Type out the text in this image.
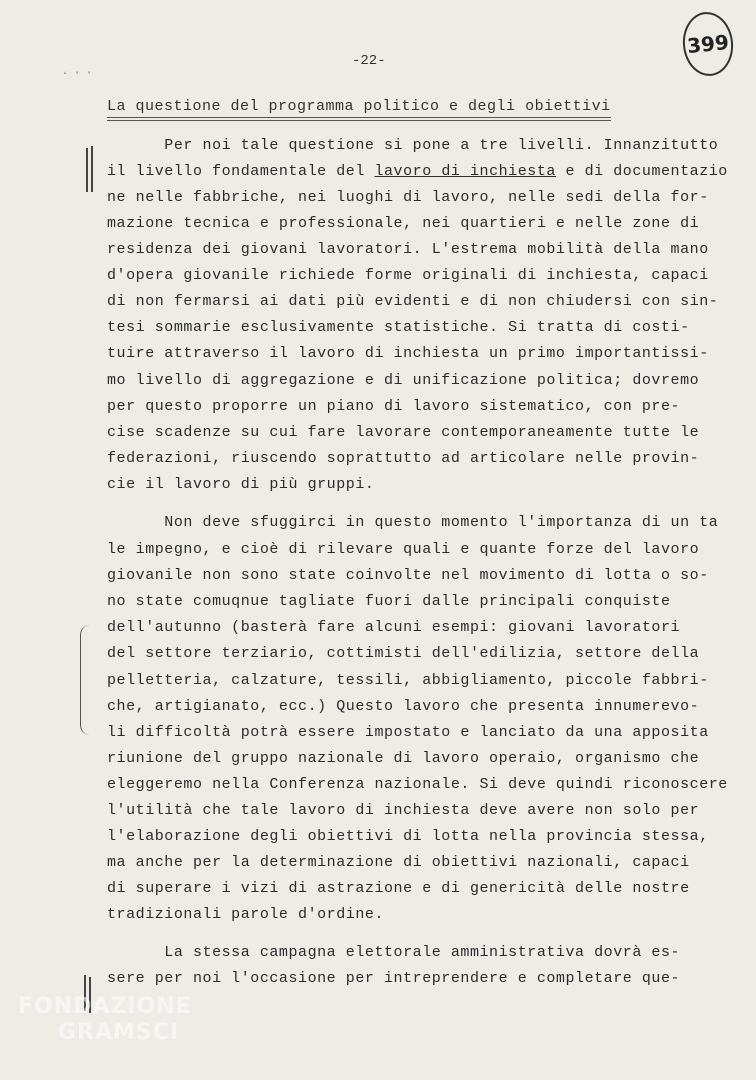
399
ʻ ʼ ʼ
-22-
La questione del programma politico e degli obiettivi
Per noi tale questione si pone a tre livelli. Innanzitutto
il livello fondamentale del lavoro di inchiesta e di documentazio
ne nelle fabbriche, nei luoghi di lavoro, nelle sedi della for-
mazione tecnica e professionale, nei quartieri e nelle zone di
residenza dei giovani lavoratori. L'estrema mobilità della mano
d'opera giovanile richiede forme originali di inchiesta, capaci
di non fermarsi ai dati più evidenti e di non chiudersi con sin-
tesi sommarie esclusivamente statistiche. Si tratta di costi-
tuire attraverso il lavoro di inchiesta un primo importantissi-
mo livello di aggregazione e di unificazione politica; dovremo
per questo proporre un piano di lavoro sistematico, con pre-
cise scadenze su cui fare lavorare contemporaneamente tutte le
federazioni, riuscendo soprattutto ad articolare nelle provin-
cie il lavoro di più gruppi.
Non deve sfuggirci in questo momento l'importanza di un ta
le impegno, e cioè di rilevare quali e quante forze del lavoro
giovanile non sono state coinvolte nel movimento di lotta o so-
no state comuqnue tagliate fuori dalle principali conquiste
dell'autunno (basterà fare alcuni esempi: giovani lavoratori
del settore terziario, cottimisti dell'edilizia, settore della
pelletteria, calzature, tessili, abbigliamento, piccole fabbri-
che, artigianato, ecc.) Questo lavoro che presenta innumerevo-
li difficoltà potrà essere impostato e lanciato da una apposita
riunione del gruppo nazionale di lavoro operaio, organismo che
eleggeremo nella Conferenza nazionale. Si deve quindi riconoscere
l'utilità che tale lavoro di inchiesta deve avere non solo per
l'elaborazione degli obiettivi di lotta nella provincia stessa,
ma anche per la determinazione di obiettivi nazionali, capaci
di superare i vizi di astrazione e di genericità delle nostre
tradizionali parole d'ordine.
La stessa campagna elettorale amministrativa dovrà es-
sere per noi l'occasione per intreprendere e completare que-
FONDAZIONE
GRAMSCI
